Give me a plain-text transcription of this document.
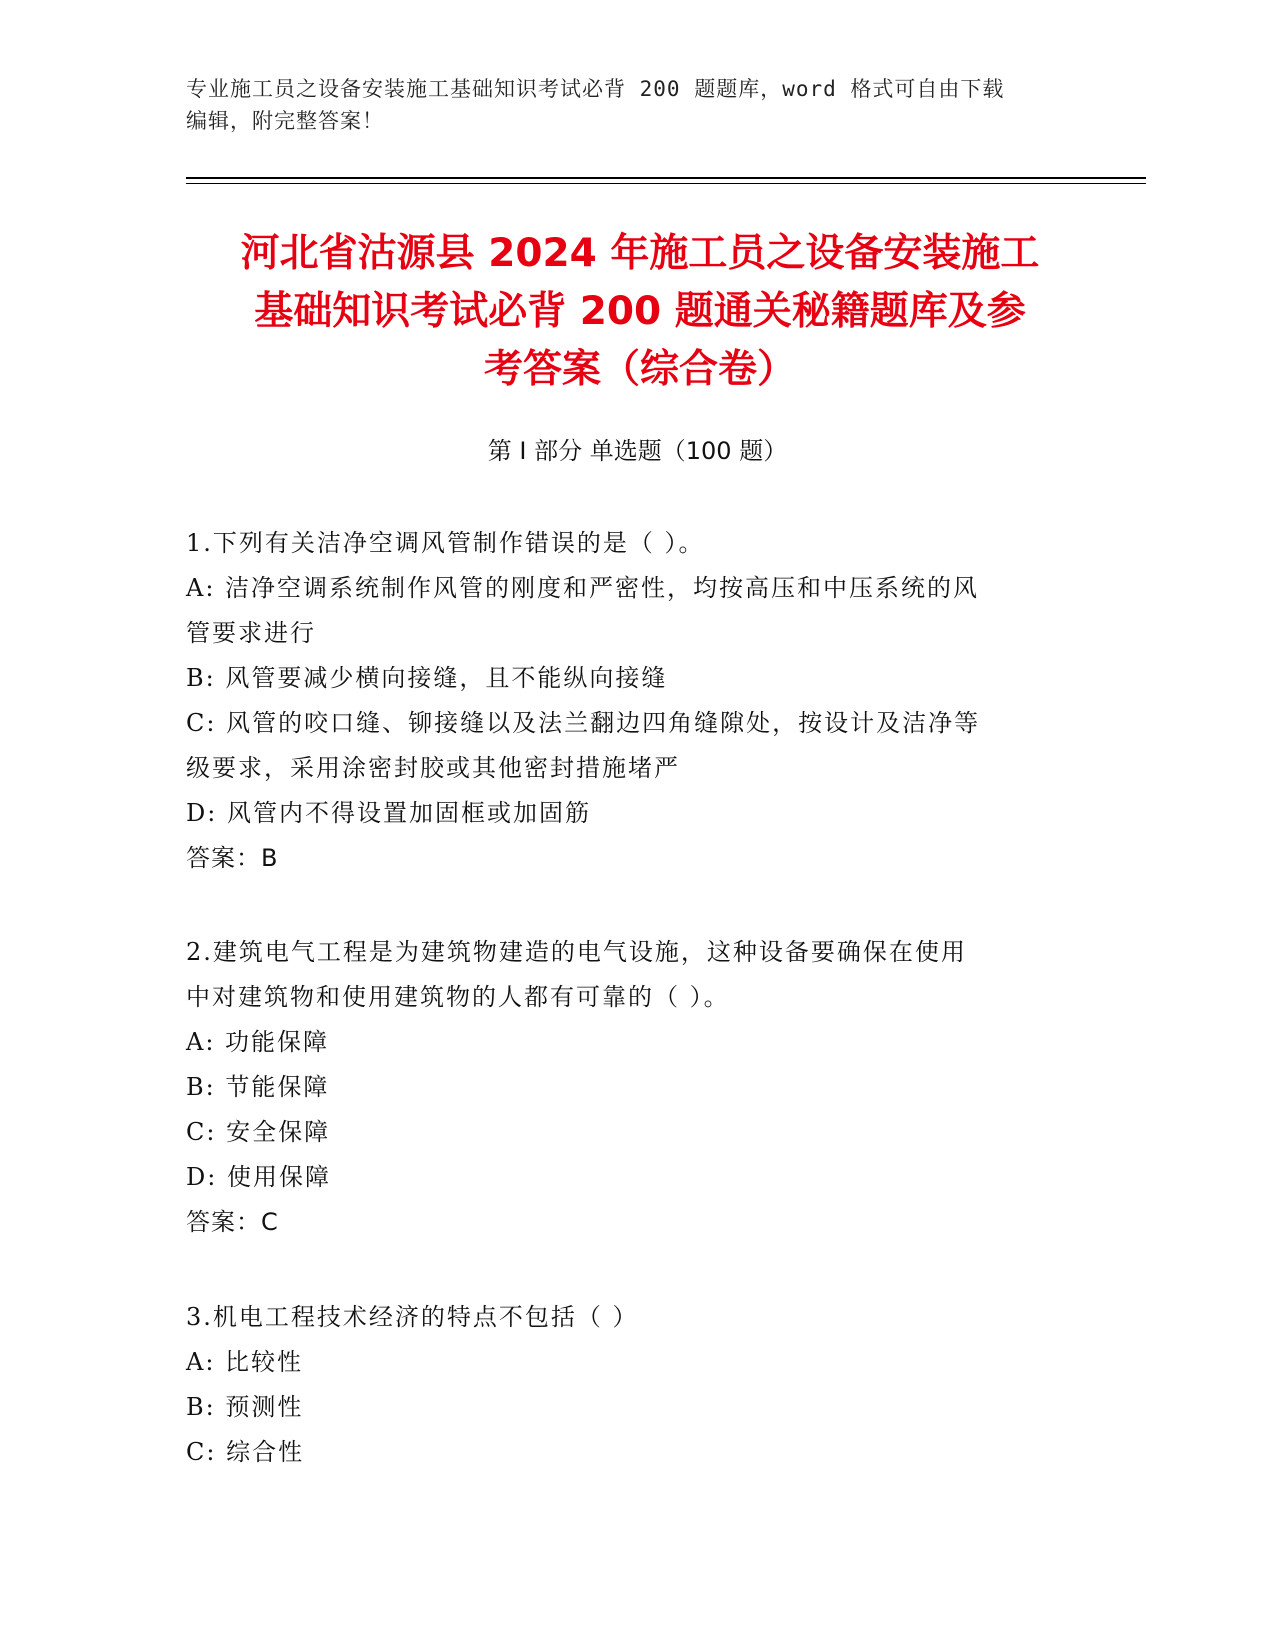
专业施工员之设备安装施工基础知识考试必背 200 题题库，word 格式可自由下载
编辑，附完整答案！
河北省沽源县 2024 年施工员之设备安装施工
基础知识考试必背 200 题通关秘籍题库及参
考答案（综合卷）
第 I 部分 单选题（100 题）

1.下列有关洁净空调风管制作错误的是（ ）。

A: 洁净空调系统制作风管的刚度和严密性，均按高压和中压系统的风

管要求进行

B: 风管要减少横向接缝，且不能纵向接缝

C: 风管的咬口缝、铆接缝以及法兰翻边四角缝隙处，按设计及洁净等

级要求，采用涂密封胶或其他密封措施堵严

D: 风管内不得设置加固框或加固筋

答案：B

2.建筑电气工程是为建筑物建造的电气设施，这种设备要确保在使用

中对建筑物和使用建筑物的人都有可靠的（ ）。

A: 功能保障

B: 节能保障

C: 安全保障

D: 使用保障

答案：C

3.机电工程技术经济的特点不包括（ ）

A: 比较性

B: 预测性

C: 综合性
